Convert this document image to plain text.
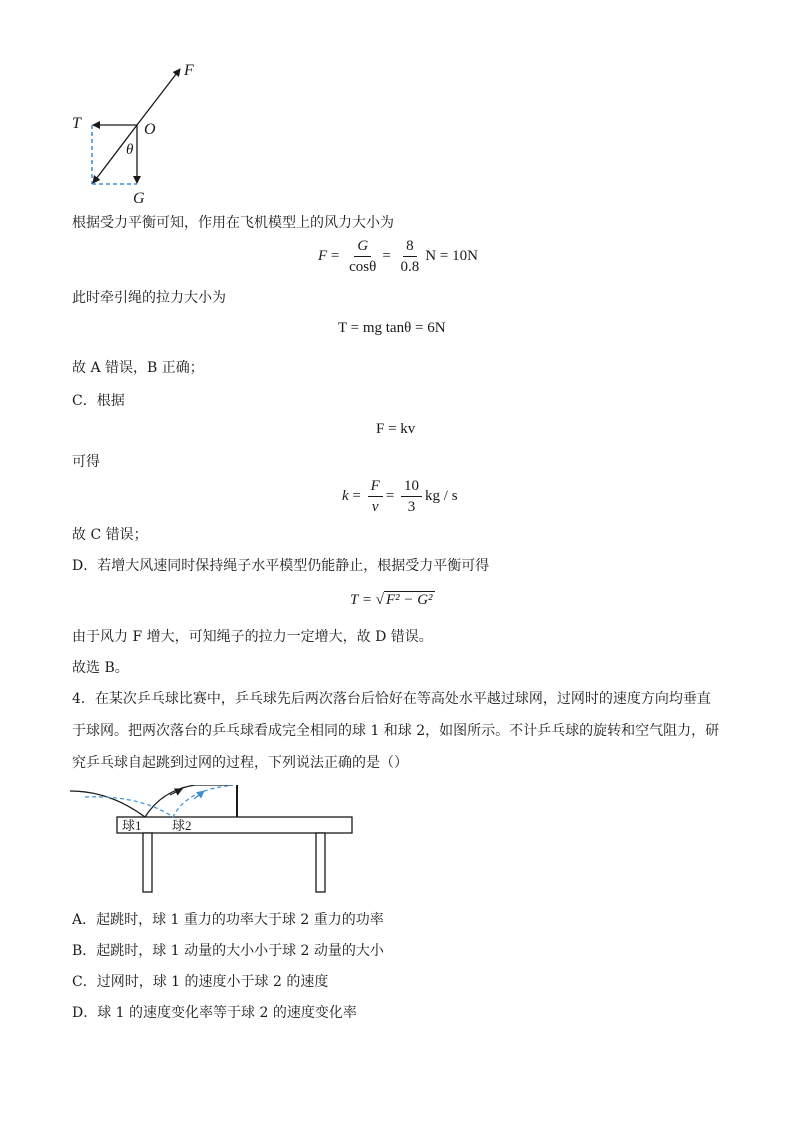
F
T	O
θ
G
根据受力平衡可知，作用在飞机模型上的风力大小为
$F = \frac{G}{\cos\theta} = \frac{8}{0.8}$ N = 10N
此时牵引绳的拉力大小为
T = mg tanθ = 6N
故 A 错误，B 正确；
C．根据
F = kv
可得
$k = \frac{F}{v} = \frac{10}{3}$ kg / s
故 C 错误；
D．若增大风速同时保持绳子水平模型仍能静止，根据受力平衡可得
T = √ F² − G²
由于风力 F 增大，可知绳子的拉力一定增大，故 D 错误。
故选 B。
4．在某次乒乓球比赛中，乒乓球先后两次落台后恰好在等高处水平越过球网，过网时的速度方向均垂直于球网。把两次落台的乒乓球看成完全相同的球 1 和球 2，如图所示。不计乒乓球的旋转和空气阻力，研究乒乓球自起跳到过网的过程，下列说法正确的是（）
球1 球2
A．起跳时，球 1 重力的功率大于球 2 重力的功率
B．起跳时，球 1 动量的大小小于球 2 动量的大小
C．过网时，球 1 的速度小于球 2 的速度
D．球 1 的速度变化率等于球 2 的速度变化率
